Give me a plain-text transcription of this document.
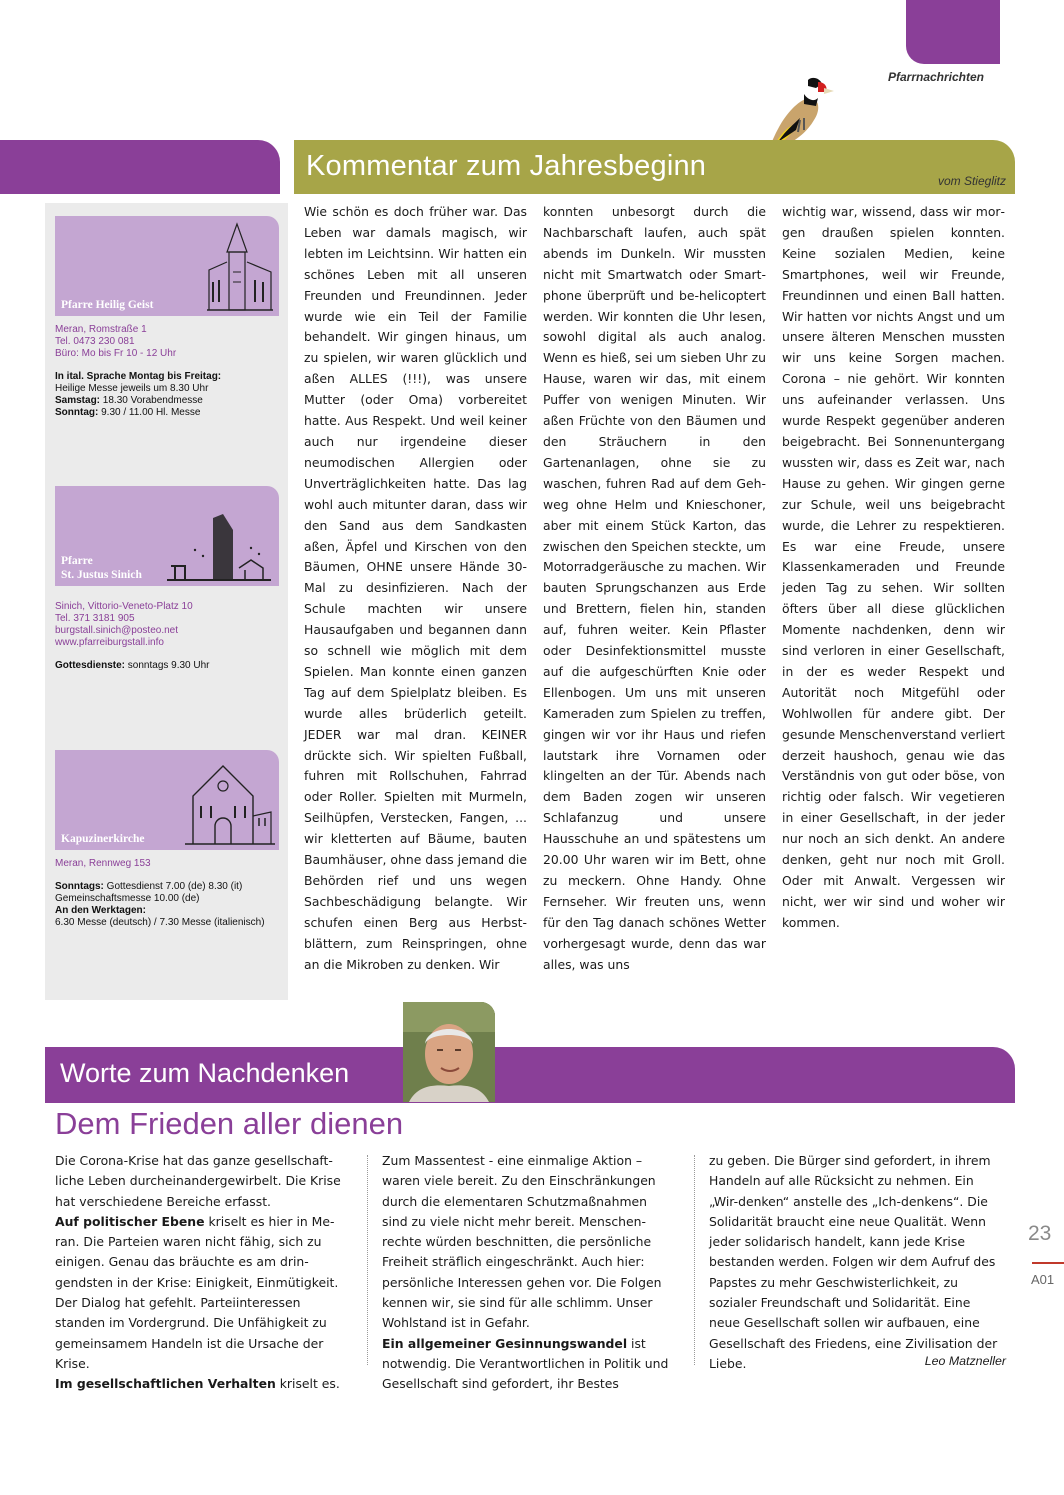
Pfarrnachrichten
Kommentar zum Jahresbeginn	vom Stieglitz
Pfarre Heilig Geist
Meran, Romstraße 1
Tel. 0473 230 081
Büro: Mo bis Fr 10 - 12 Uhr
In ital. Sprache Montag bis Freitag:
Heilige Messe jeweils um 8.30 Uhr
Samstag: 18.30 Vorabendmesse
Sonntag: 9.30 / 11.00 Hl. Messe
Pfarre
St. Justus Sinich
Sinich, Vittorio-Veneto-Platz 10
Tel. 371 3181 905
burgstall.sinich@posteo.net
www.pfarreiburgstall.info
Gottesdienste: sonntags 9.30 Uhr
Kapuzinerkirche
Meran, Rennweg 153
Sonntags: Gottesdienst 7.00 (de) 8.30 (it)
Gemeinschaftsmesse 10.00 (de)
An den Werktagen:
6.30 Messe (deutsch) / 7.30 Messe (italienisch)
Wie schön es doch früher war. Das Leben war damals magisch, wir lebten im Leichtsinn. Wir hatten ein schönes Leben mit all unseren Freunden und Freundinnen. Jeder wurde wie ein Teil der Familie behandelt. Wir gingen hinaus, um zu spielen, wir waren glücklich und aßen ALLES (!!!), was unsere Mutter (oder Oma) vorbereitet hatte. Aus Respekt. Und weil keiner auch nur irgendeine dieser neumodischen Allergien oder Unverträglichkeiten hatte. Das lag wohl auch mitunter daran, dass wir den Sand aus dem Sandkasten aßen, Äpfel und Kirschen von den Bäumen, OHNE unsere Hände 30-Mal zu desinfizieren. Nach der Schule machten wir unsere Hausaufgaben und begannen dann so schnell wie möglich mit dem Spielen. Man konnte einen ganzen Tag auf dem Spielplatz bleiben. Es wurde alles brüderlich geteilt. JEDER war mal dran. KEINER drückte sich. Wir spielten Fußball, fuhren mit Rollschuhen, Fahrrad oder Roller. Spielten mit Murmeln, Seilhüpfen, Verstecken, Fangen, ... wir kletterten auf Bäume, bauten Baumhäuser, ohne dass jemand die Behörden rief und uns wegen Sachbeschädigung belangte. Wir schufen einen Berg aus Herbstblättern, zum Reinspringen, ohne an die Mikroben zu denken. Wir
konnten unbesorgt durch die Nachbarschaft laufen, auch spät abends im Dunkeln. Wir mussten nicht mit Smartwatch oder Smartphone überprüft und be-helicoptert werden. Wir konnten die Uhr lesen, sowohl digital als auch analog. Wenn es hieß, sei um sieben Uhr zu Hause, waren wir das, mit einem Puffer von wenigen Minuten. Wir aßen Früchte von den Bäumen und den Sträuchern in den Gartenanlagen, ohne sie zu waschen, fuhren Rad auf dem Gehweg ohne Helm und Knieschoner, aber mit einem Stück Karton, das zwischen den Speichen steckte, um Motorradgeräusche zu machen. Wir bauten Sprungschanzen aus Erde und Brettern, fielen hin, standen auf, fuhren weiter. Kein Pflaster oder Desinfektionsmittel musste auf die aufgeschürften Knie oder Ellenbogen. Um uns mit unseren Kameraden zum Spielen zu treffen, gingen wir vor ihr Haus und riefen lautstark ihre Vornamen oder klingelten an der Tür. Abends nach dem Baden zogen wir unseren Schlafanzug und unsere Hausschuhe an und spätestens um 20.00 Uhr waren wir im Bett, ohne zu meckern. Ohne Handy. Ohne Fernseher. Wir freuten uns, wenn für den Tag danach schönes Wetter vorhergesagt wurde, denn das war alles, was uns
wichtig war, wissend, dass wir morgen draußen spielen konnten. Keine sozialen Medien, keine Smartphones, weil wir Freunde, Freundinnen und einen Ball hatten. Wir hatten vor nichts Angst und um unsere älteren Menschen mussten wir uns keine Sorgen machen. Corona – nie gehört. Wir konnten uns aufeinander verlassen. Uns wurde Respekt gegenüber anderen beigebracht. Bei Sonnenuntergang wussten wir, dass es Zeit war, nach Hause zu gehen. Wir gingen gerne zur Schule, weil uns beigebracht wurde, die Lehrer zu respektieren. Es war eine Freude, unsere Klassenkameraden und Freunde jeden Tag zu sehen. Wir sollten öfters über all diese glücklichen Momente nachdenken, denn wir sind verloren in einer Gesellschaft, in der es weder Respekt und Autorität noch Mitgefühl oder Wohlwollen für andere gibt. Der gesunde Menschenverstand verliert derzeit haushoch, genau wie das Verständnis von gut oder böse, von richtig oder falsch. Wir vegetieren in einer Gesellschaft, in der jeder nur noch an sich denkt. An andere denken, geht nur noch mit Groll. Oder mit Anwalt. Vergessen wir nicht, wer wir sind und woher wir kommen.
Worte zum Nachdenken
Dem Frieden aller dienen

Die Corona-Krise hat das ganze gesellschaftliche Leben durcheinandergewirbelt. Die Krise hat verschiedene Bereiche erfasst.

Auf politischer Ebene kriselt es hier in Meran. Die Parteien waren nicht fähig, sich zu einigen. Genau das bräuchte es am dringendsten in der Krise: Einigkeit, Einmütigkeit. Der Dialog hat gefehlt. Parteiinteressen standen im Vordergrund. Die Unfähigkeit zu gemeinsamem Handeln ist die Ursache der Krise.

Im gesellschaftlichen Verhalten kriselt es.

Zum Massentest - eine einmalige Aktion – waren viele bereit. Zu den Einschränkungen durch die elementaren Schutzmaßnahmen sind zu viele nicht mehr bereit. Menschenrechte würden beschnitten, die persönliche Freiheit sträflich eingeschränkt. Auch hier: persönliche Interessen gehen vor. Die Folgen kennen wir, sie sind für alle schlimm. Unser Wohlstand ist in Gefahr.

Ein allgemeiner Gesinnungswandel ist notwendig. Die Verantwortlichen in Politik und Gesellschaft sind gefordert, ihr Bestes

zu geben. Die Bürger sind gefordert, in ihrem Handeln auf alle Rücksicht zu nehmen. Ein „Wir-denken“ anstelle des „Ich-denkens“. Die Solidarität braucht eine neue Qualität. Wenn jeder solidarisch handelt, kann jede Krise bestanden werden. Folgen wir dem Aufruf des Papstes zu mehr Geschwisterlichkeit, zu sozialer Freundschaft und Solidarität. Eine neue Gesellschaft sollen wir aufbauen, eine Gesellschaft des Friedens, eine Zivilisation der Liebe.	Leo Matzneller
23
A01
